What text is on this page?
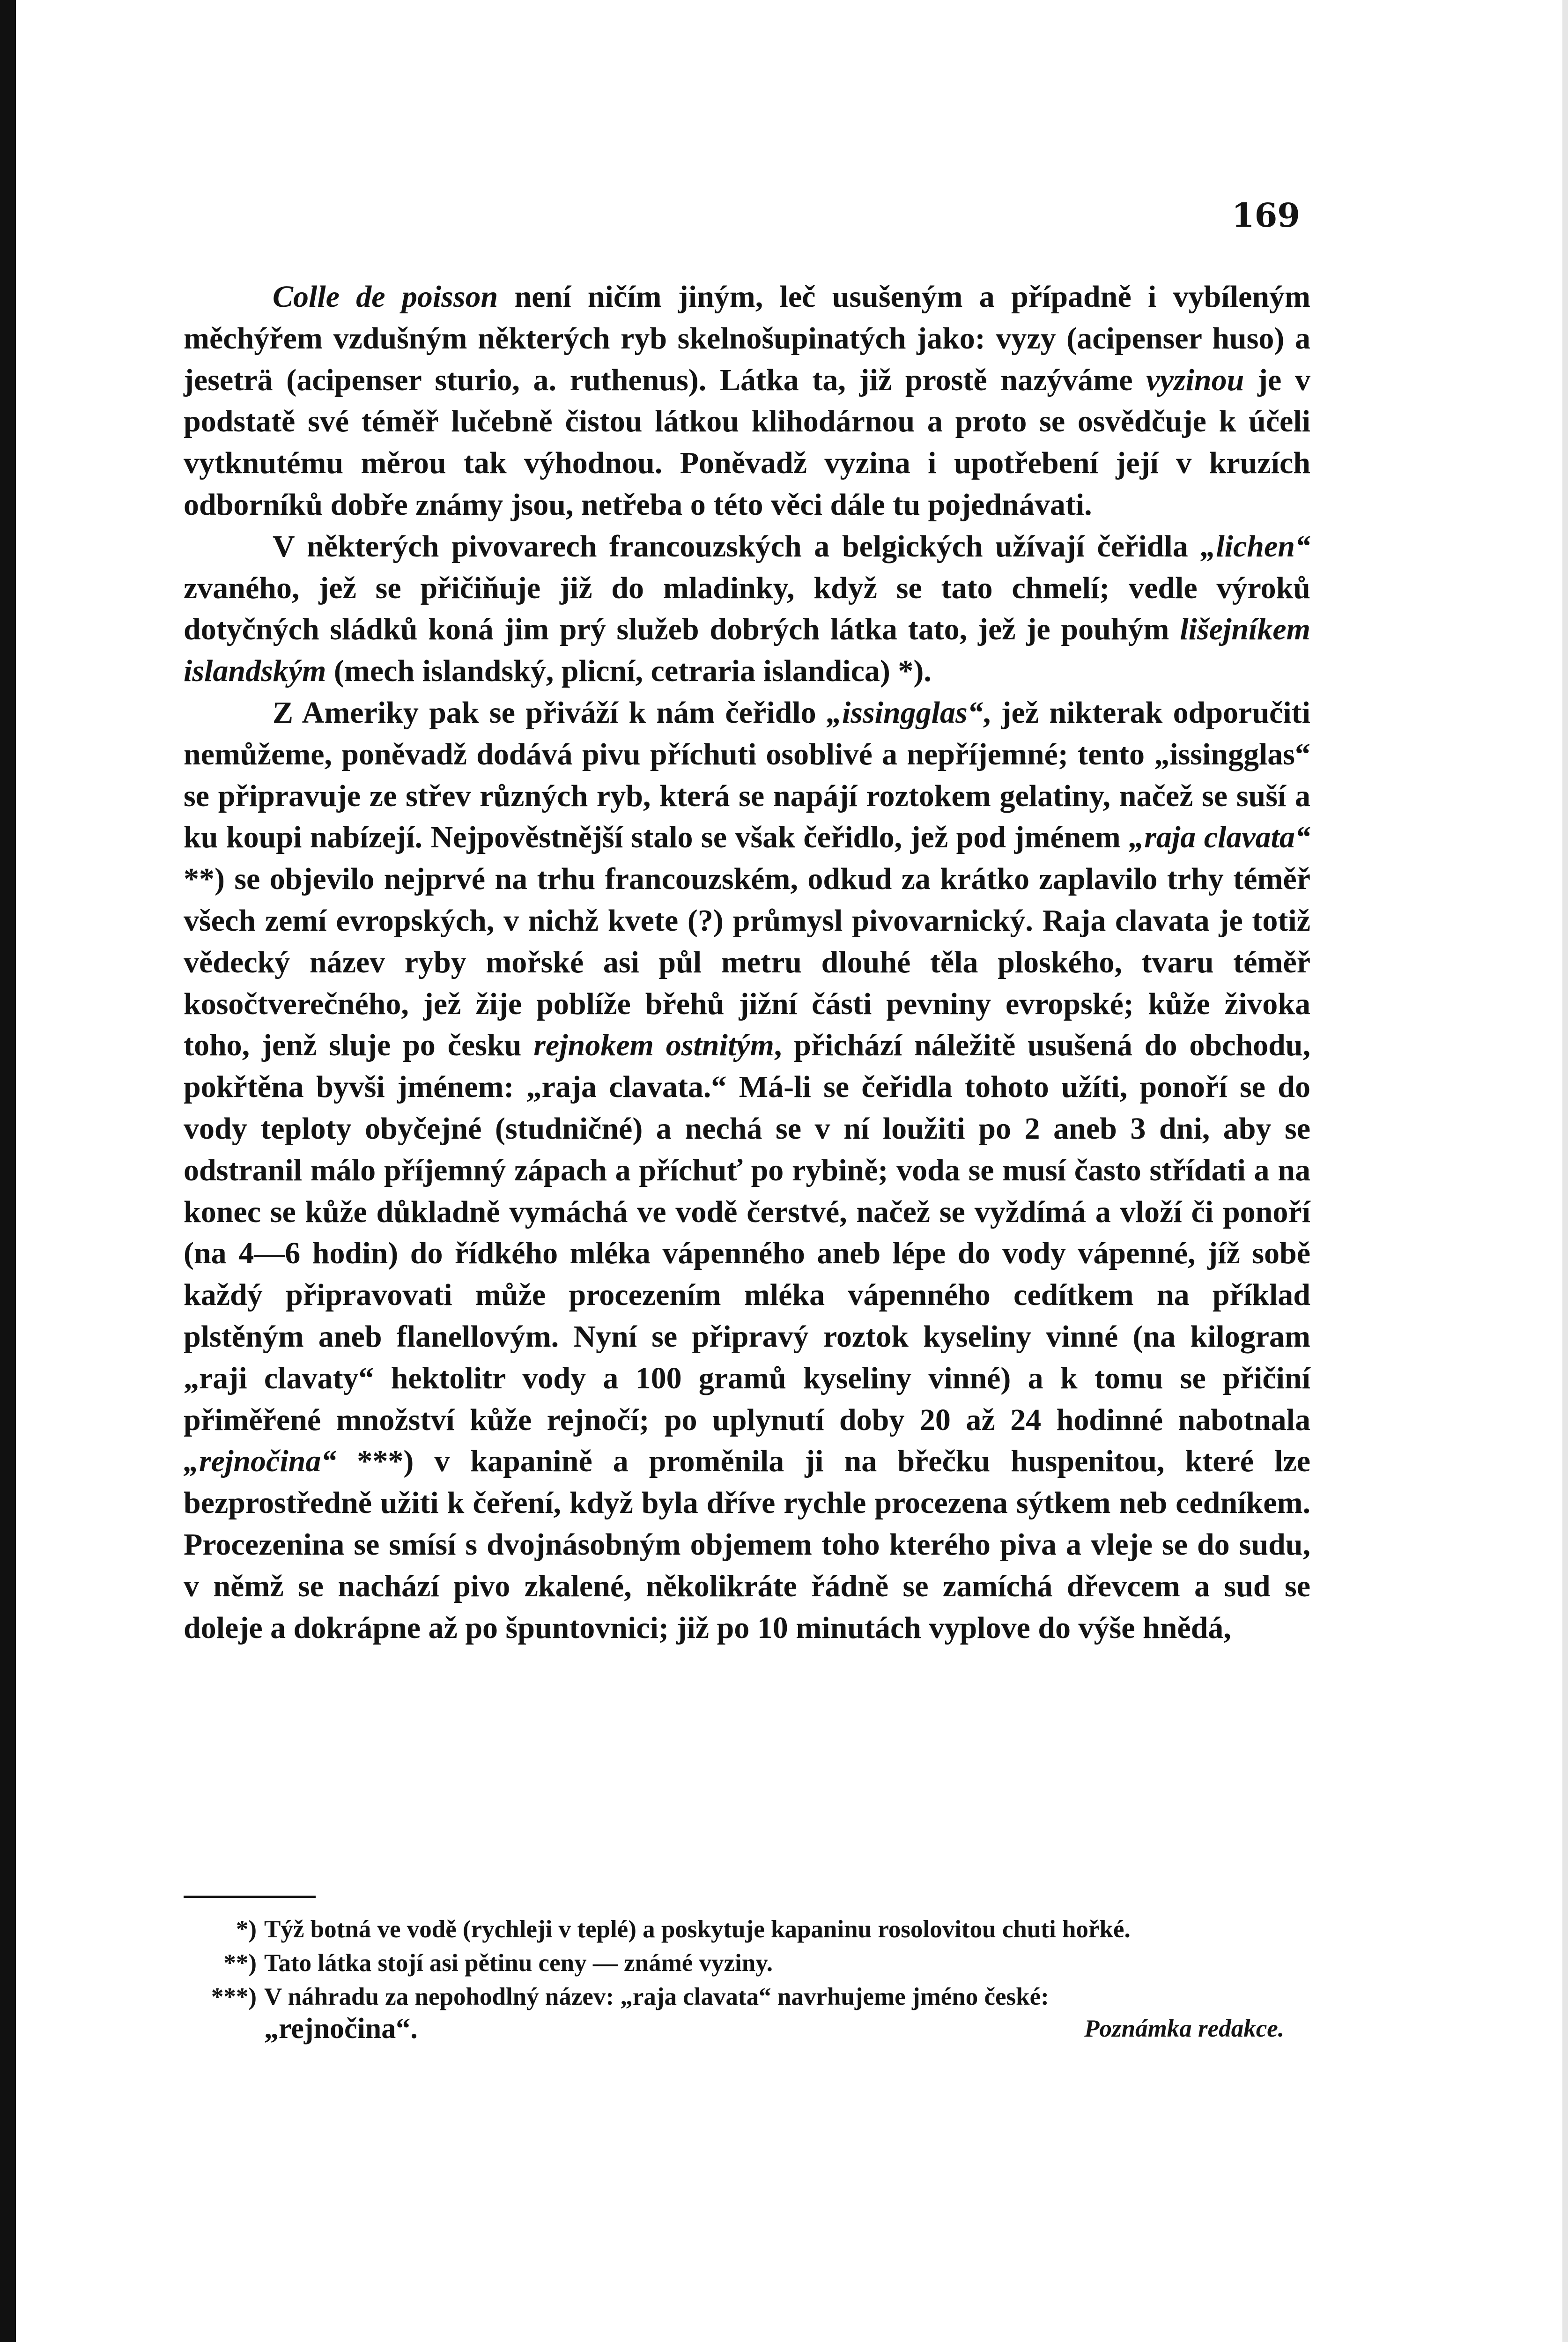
169

Colle de poisson není ničím jiným, leč usušeným a případně i vybíleným měchýřem vzdušným některých ryb skelnošupinatých jako: vyzy (acipenser huso) a jeseträ (acipenser sturio, a. ruthenus). Látka ta, již prostě nazýváme vyzinou je v podstatě své téměř lučebně čistou látkou klihodárnou a proto se osvědčuje k účeli vytknutému měrou tak výhodnou. Poněvadž vyzina i upotřebení její v kruzích odborníků dobře známy jsou, netřeba o této věci dále tu pojednávati.

V některých pivovarech francouzských a belgických užívají čeřidla „lichen“ zvaného, jež se přičiňuje již do mladinky, když se tato chmelí; vedle výroků dotyčných sládků koná jim prý služeb dobrých látka tato, jež je pouhým lišejníkem islandským (mech islandský, plicní, cetraria islandica) *).

Z Ameriky pak se přiváží k nám čeřidlo „issingglas“, jež nikterak odporučiti nemůžeme, poněvadž dodává pivu příchuti osoblivé a nepříjemné; tento „issingglas“ se připravuje ze střev různých ryb, která se napájí roztokem gelatiny, načež se suší a ku koupi nabízejí. Nejpověstnější stalo se však čeřidlo, jež pod jménem „raja clavata“ **) se objevilo nejprvé na trhu francouzském, odkud za krátko zaplavilo trhy téměř všech zemí evropských, v nichž kvete (?) průmysl pivovarnický. Raja clavata je totiž vědecký název ryby mořské asi půl metru dlouhé těla ploského, tvaru téměř kosočtverečného, jež žije poblíže břehů jižní části pevniny evropské; kůže živoka toho, jenž sluje po česku rejnokem ostnitým, přichází náležitě usušená do obchodu, pokřtěna byvši jménem: „raja clavata.“ Má-li se čeřidla tohoto užíti, ponoří se do vody teploty obyčejné (studničné) a nechá se v ní loužiti po 2 aneb 3 dni, aby se odstranil málo příjemný zápach a příchuť po rybině; voda se musí často střídati a na konec se kůže důkladně vymáchá ve vodě čerstvé, načež se vyždímá a vloží či ponoří (na 4—6 hodin) do řídkého mléka vápenného aneb lépe do vody vápenné, jíž sobě každý připravovati může procezením mléka vápenného cedítkem na příklad plstěným aneb flanellovým. Nyní se připravý roztok kyseliny vinné (na kilogram „raji clavaty“ hektolitr vody a 100 gramů kyseliny vinné) a k tomu se přičiní přiměřené množství kůže rejnočí; po uplynutí doby 20 až 24 hodinné nabotnala „rejnočina“ ***) v kapanině a proměnila ji na břečku huspenitou, které lze bezprostředně užiti k čeření, když byla dříve rychle procezena sýtkem neb cedníkem. Procezenina se smísí s dvojnásobným objemem toho kterého piva a vleje se do sudu, v němž se nachází pivo zkalené, několikráte řádně se zamíchá dřevcem a sud se doleje a dokrápne až po špuntovnici; již po 10 minutách vyplove do výše hnědá,

*) Týž botná ve vodě (rychleji v teplé) a poskytuje kapaninu rosolovitou chuti hořké.
**) Tato látka stojí asi pětinu ceny — známé vyziny.
***) V náhradu za nepohodlný název: „raja clavata“ navrhujeme jméno české:
„rejnočina“.	Poznámka redakce.
